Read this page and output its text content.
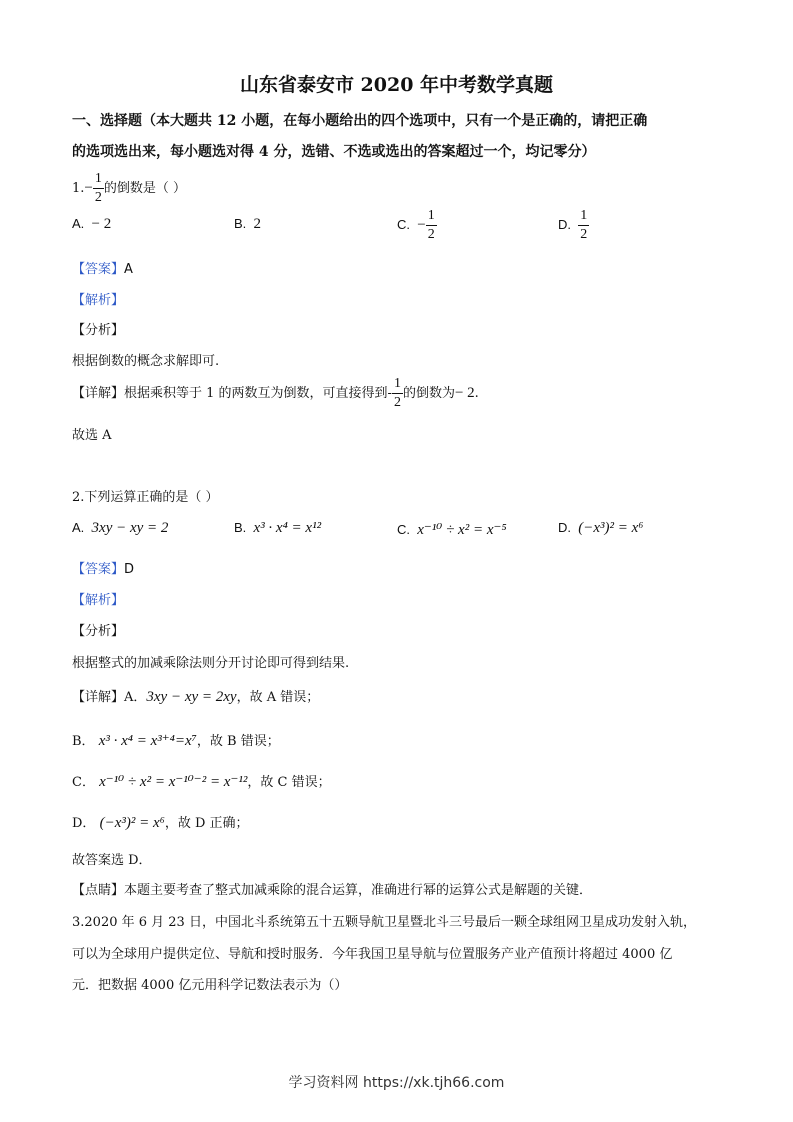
山东省泰安市 2020 年中考数学真题
一、选择题（本大题共 12 小题，在每小题给出的四个选项中，只有一个是正确的，请把正确
的选项选出来，每小题选对得 4 分，选错、不选或选出的答案超过一个，均记零分）
$1.- \frac{1}{2}$ 的倒数是（ ）
A. − 2	B. 2	C. − $\frac{1}{2}$	D. $\frac{1}{2}$
【答案】A
【解析】
【分析】
根据倒数的概念求解即可.
【详解】根据乘积等于 1 的两数互为倒数，可直接得到- $\frac{1}{2}$ 的倒数为− 2.
故选 A
2.下列运算正确的是（ ）
A. 3xy − xy = 2	B. x³ · x⁴ = x¹²	C. x⁻¹⁰ ÷ x² = x⁻⁵	D. (−x³)² = x⁶
【答案】D
【解析】
【分析】
根据整式的加减乘除法则分开讨论即可得到结果.
【详解】A．3xy − xy = 2xy，故 A 错误；
B． x³ · x⁴ = x³⁺⁴=x⁷，故 B 错误；
C． x⁻¹⁰ ÷ x² = x⁻¹⁰⁻² = x⁻¹²，故 C 错误；
D． (−x³)² = x⁶，故 D 正确；
故答案选 D．
【点睛】本题主要考查了整式加减乘除的混合运算，准确进行幂的运算公式是解题的关键．
3.2020 年 6 月 23 日，中国北斗系统第五十五颗导航卫星暨北斗三号最后一颗全球组网卫星成功发射入轨，
可以为全球用户提供定位、导航和授时服务．今年我国卫星导航与位置服务产业产值预计将超过 4000 亿
元．把数据 4000 亿元用科学记数法表示为（）
学习资料网 https://xk.tjh66.com
